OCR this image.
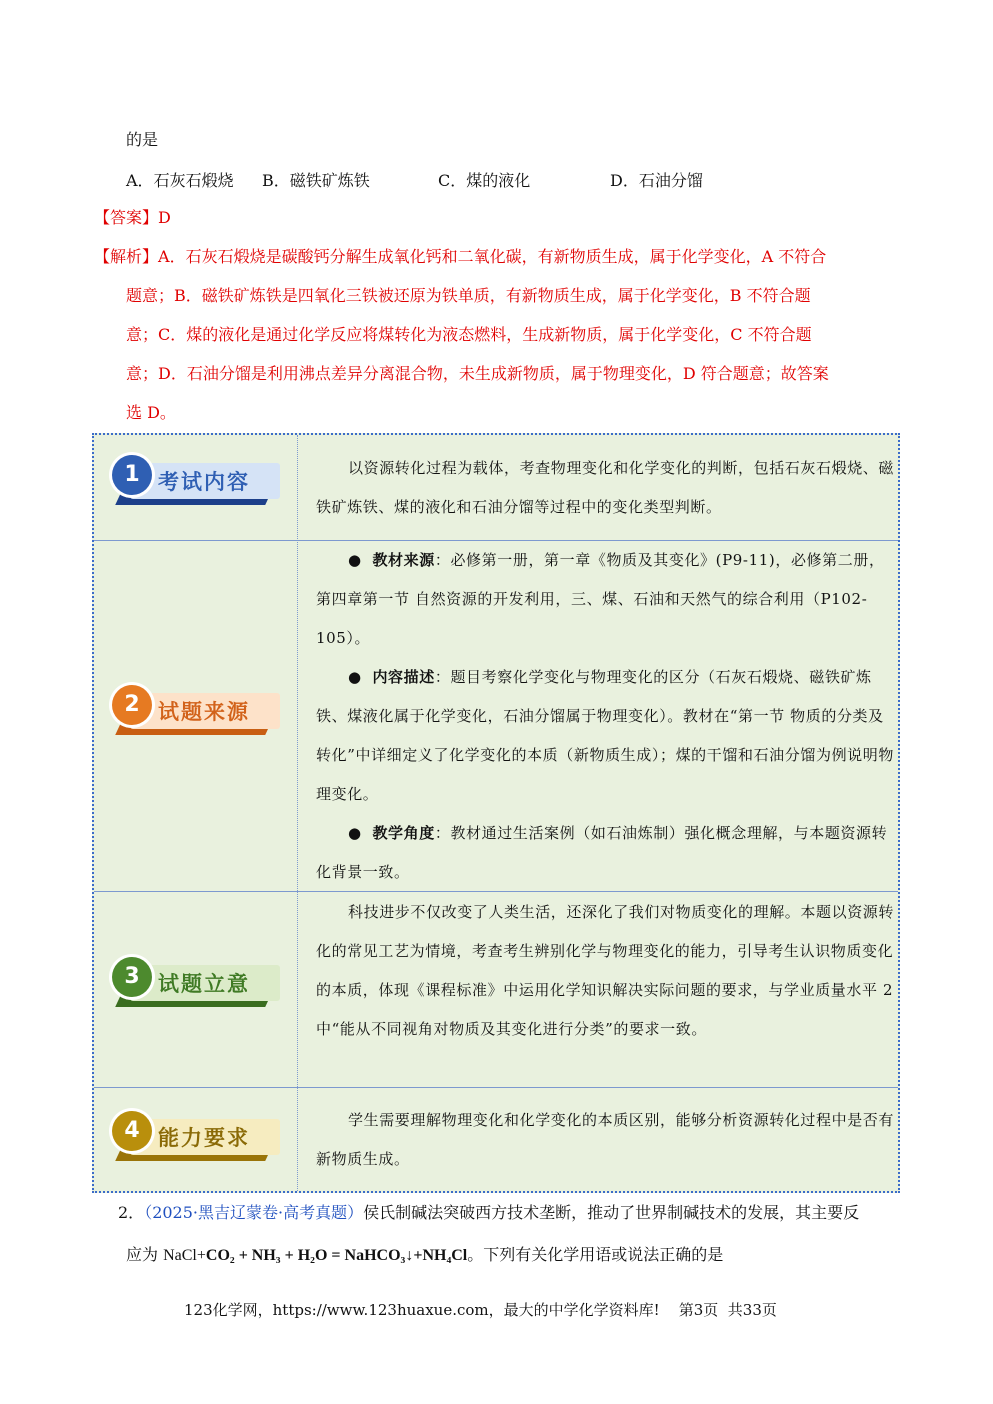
的是
A．石灰石煅烧 B．磁铁矿炼铁	C．煤的液化	D．石油分馏
【答案】D
【解析】A．石灰石煅烧是碳酸钙分解生成氧化钙和二氧化碳，有新物质生成，属于化学变化，A 不符合
题意；B．磁铁矿炼铁是四氧化三铁被还原为铁单质，有新物质生成，属于化学变化，B 不符合题
意；C．煤的液化是通过化学反应将煤转化为液态燃料，生成新物质，属于化学变化，C 不符合题
意；D．石油分馏是利用沸点差异分离混合物，未生成新物质，属于物理变化，D 符合题意；故答案
选 D。
1 考试内容

以资源转化过程为载体，考查物理变化和化学变化的判断，包括石灰石煅烧、磁铁矿炼铁、煤的液化和石油分馏等过程中的变化类型判断。

2 试题来源

●  教材来源：必修第一册，第一章《物质及其变化》(P9-11)，必修第二册，第四章第一节 自然资源的开发利用，三、煤、石油和天然气的综合利用（P102-105）。

●  内容描述：题目考察化学变化与物理变化的区分（石灰石煅烧、磁铁矿炼铁、煤液化属于化学变化，石油分馏属于物理变化）。教材在“第一节 物质的分类及转化”中详细定义了化学变化的本质（新物质生成）；煤的干馏和石油分馏为例说明物理变化。

●  教学角度：教材通过生活案例（如石油炼制）强化概念理解，与本题资源转化背景一致。

3 试题立意

科技进步不仅改变了人类生活，还深化了我们对物质变化的理解。本题以资源转化的常见工艺为情境，考查考生辨别化学与物理变化的能力，引导考生认识物质变化的本质，体现《课程标准》中运用化学知识解决实际问题的要求，与学业质量水平 2 中“能从不同视角对物质及其变化进行分类”的要求一致。

4 能力要求

学生需要理解物理变化和化学变化的本质区别，能够分析资源转化过程中是否有新物质生成。

2．（2025·黑吉辽蒙卷·高考真题）侯氏制碱法突破西方技术垄断，推动了世界制碱技术的发展，其主要反
应为 NaCl+CO₂ + NH₃ + H₂O = NaHCO₃↓+NH₄Cl。下列有关化学用语或说法正确的是
123化学网，https://www.123huaxue.com，最大的中学化学资料库!    第3页  共33页
